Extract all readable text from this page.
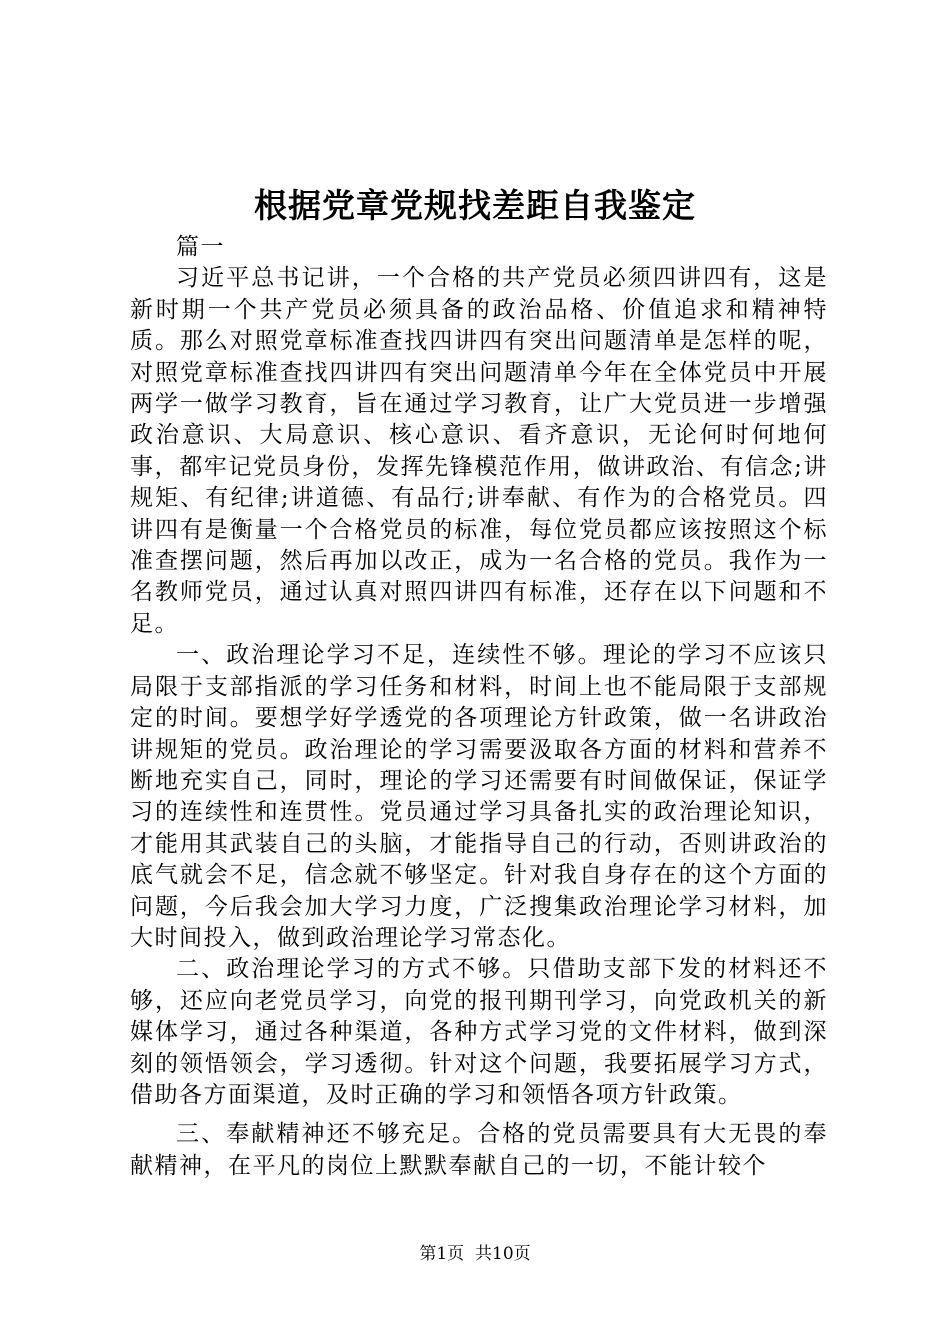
根据党章党规找差距自我鉴定

篇一

习近平总书记讲，一个合格的共产党员必须四讲四有，这是新时期一个共产党员必须具备的政治品格、价值追求和精神特质。那么对照党章标准查找四讲四有突出问题清单是怎样的呢，对照党章标准查找四讲四有突出问题清单今年在全体党员中开展两学一做学习教育，旨在通过学习教育，让广大党员进一步增强政治意识、大局意识、核心意识、看齐意识，无论何时何地何事，都牢记党员身份，发挥先锋模范作用，做讲政治、有信念;讲规矩、有纪律;讲道德、有品行;讲奉献、有作为的合格党员。四讲四有是衡量一个合格党员的标准，每位党员都应该按照这个标准查摆问题，然后再加以改正，成为一名合格的党员。我作为一名教师党员，通过认真对照四讲四有标准，还存在以下问题和不足。

一、政治理论学习不足，连续性不够。理论的学习不应该只局限于支部指派的学习任务和材料，时间上也不能局限于支部规定的时间。要想学好学透党的各项理论方针政策，做一名讲政治讲规矩的党员。政治理论的学习需要汲取各方面的材料和营养不断地充实自己，同时，理论的学习还需要有时间做保证，保证学习的连续性和连贯性。党员通过学习具备扎实的政治理论知识，才能用其武装自己的头脑，才能指导自己的行动，否则讲政治的底气就会不足，信念就不够坚定。针对我自身存在的这个方面的问题，今后我会加大学习力度，广泛搜集政治理论学习材料，加大时间投入，做到政治理论学习常态化。

二、政治理论学习的方式不够。只借助支部下发的材料还不够，还应向老党员学习，向党的报刊期刊学习，向党政机关的新媒体学习，通过各种渠道，各种方式学习党的文件材料，做到深刻的领悟领会，学习透彻。针对这个问题，我要拓展学习方式，借助各方面渠道，及时正确的学习和领悟各项方针政策。

三、奉献精神还不够充足。合格的党员需要具有大无畏的奉献精神，在平凡的岗位上默默奉献自己的一切，不能计较个

第1页 共10页
